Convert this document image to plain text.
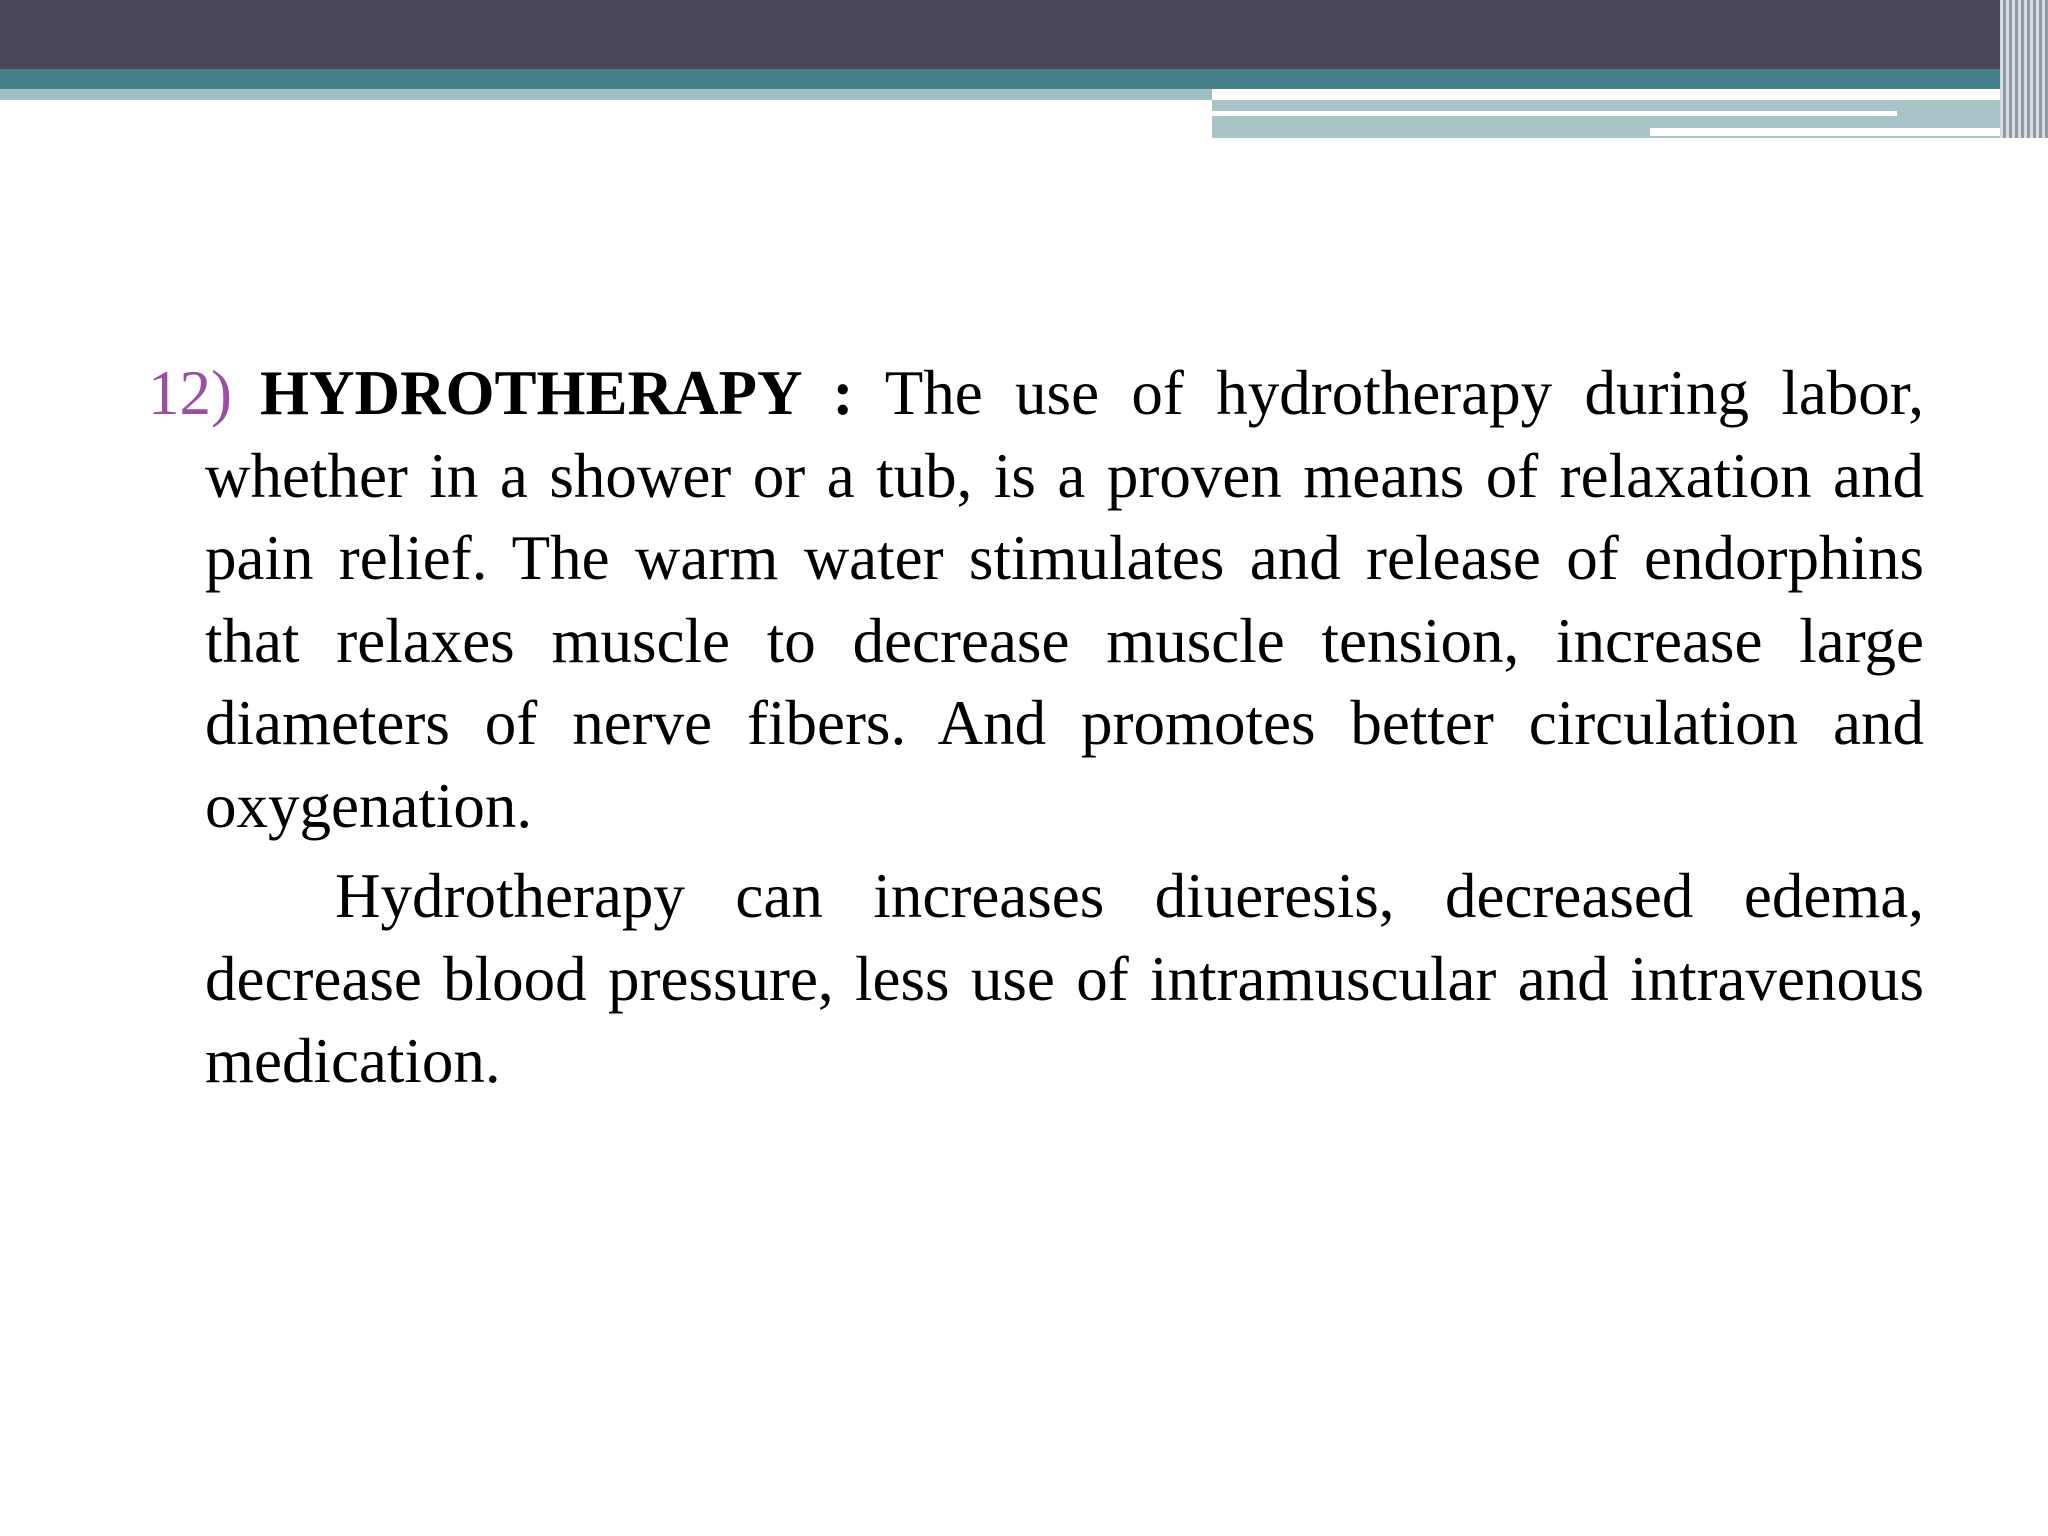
12) HYDROTHERAPY : The use of hydrotherapy during labor, whether in a shower or a tub, is a proven means of relaxation and pain relief. The warm water stimulates and release of endorphins that relaxes muscle to decrease muscle tension, increase large diameters of nerve fibers. And promotes better circulation and oxygenation.

Hydrotherapy can increases diueresis, decreased edema, decrease blood pressure, less use of intramuscular and intravenous medication.
